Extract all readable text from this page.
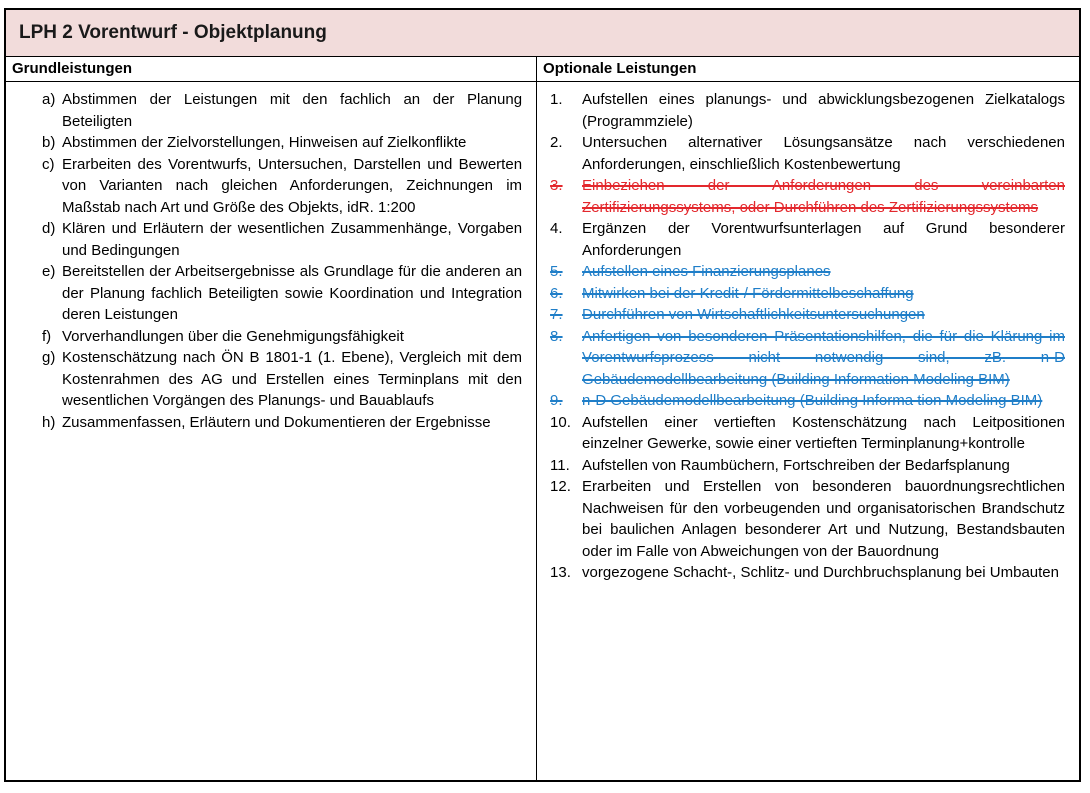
LPH 2 Vorentwurf - Objektplanung
Grundleistungen	Optionale Leistungen
a) Abstimmen der Leistungen mit den fachlich an der Planung Beteiligten
b) Abstimmen der Zielvorstellungen, Hinweisen auf Zielkonflikte
c) Erarbeiten des Vorentwurfs, Untersuchen, Darstellen und Bewerten von Varianten nach gleichen Anforderungen, Zeichnungen im Maßstab nach Art und Größe des Objekts, idR. 1:200
d) Klären und Erläutern der wesentlichen Zusammenhänge, Vorgaben und Bedingungen
e) Bereitstellen der Arbeitsergebnisse als Grundlage für die anderen an der Planung fachlich Beteiligten sowie Koordination und Integration deren Leistungen
f) Vorverhandlungen über die Genehmigungsfähigkeit
g) Kostenschätzung nach ÖN B 1801-1 (1. Ebene), Vergleich mit dem Kostenrahmen des AG und Erstellen eines Terminplans mit den wesentlichen Vorgängen des Planungs- und Bauablaufs
h) Zusammenfassen, Erläutern und Dokumentieren der Ergebnisse
1.	Aufstellen eines planungs- und abwicklungsbezogenen Zielkatalogs (Programmziele)
2.	Untersuchen alternativer Lösungsansätze nach verschiedenen Anforderungen, einschließlich Kostenbewertung
3.	Einbeziehen der Anforderungen des vereinbarten Zertifizierungssystems, oder Durchführen des Zertifizierungssystems
4.	Ergänzen der Vorentwurfsunterlagen auf Grund besonderer Anforderungen
5.	Aufstellen eines Finanzierungsplanes
6.	Mitwirken bei der Kredit-/ Fördermittelbeschaffung
7.	Durchführen von Wirtschaftlichkeitsuntersuchungen
8.	Anfertigen von besonderen Präsentationshilfen, die für die Klärung im Vorentwurfsprozess nicht notwendig sind, zB. n-D Gebäudemodellbearbeitung (Building Information Modeling BIM)
9.	n-D Gebäudemodellbearbeitung (Building Informa tion Modeling BIM)
10. Aufstellen einer vertieften Kostenschätzung nach Leitpositionen einzelner Gewerke, sowie einer vertieften Terminplanung+kontrolle
11. Aufstellen von Raumbüchern, Fortschreiben der Bedarfsplanung
12. Erarbeiten und Erstellen von besonderen bauordnungsrechtlichen Nachweisen für den vorbeugenden und organisatorischen Brandschutz bei baulichen Anlagen besonderer Art und Nutzung, Bestandsbauten oder im Falle von Abweichungen von der Bauordnung
13. vorgezogene Schacht-, Schlitz- und Durchbruchsplanung bei Umbauten
